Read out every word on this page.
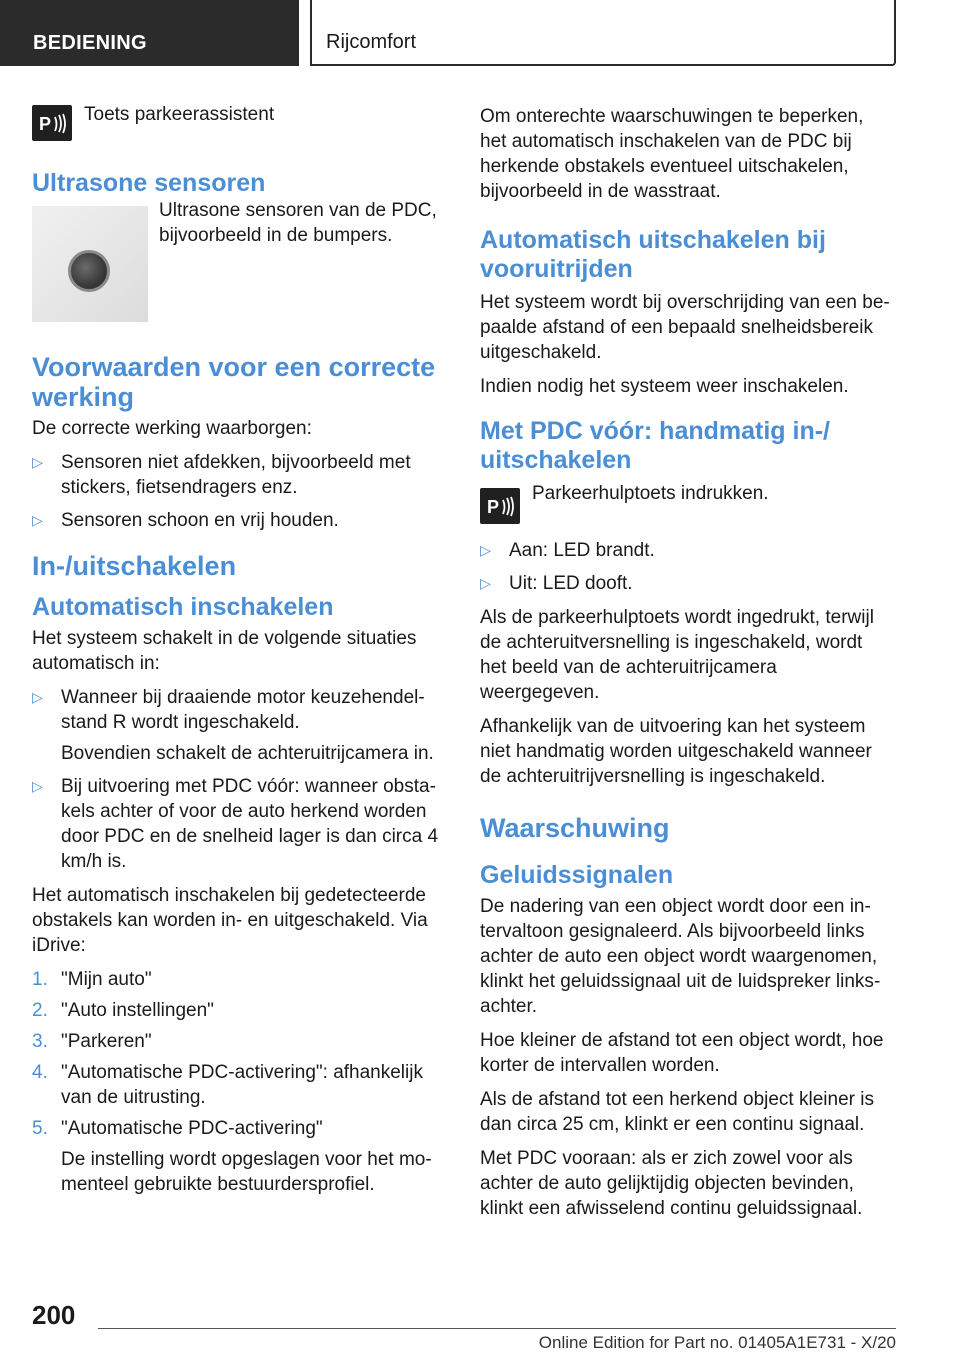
BEDIENING	Rijcomfort
P Toets parkeerassistent
Ultrasone sensoren
Ultrasone sensoren van de PDC, bijvoorbeeld in de bumpers.
Voorwaarden voor een correcte werking

De correcte werking waarborgen:

▷ Sensoren niet afdekken, bijvoorbeeld met stickers, fietsendragers enz.
▷ Sensoren schoon en vrij houden.
In-/uitschakelen
Automatisch inschakelen

Het systeem schakelt in de volgende situaties automatisch in:

▷ Wanneer bij draaiende motor keuzehendelstand R wordt ingeschakeld.
Bovendien schakelt de achteruitrijcamera in.
▷ Bij uitvoering met PDC vóór: wanneer obstakels achter of voor de auto herkend worden door PDC en de snelheid lager is dan circa 4 km/h is.

Het automatisch inschakelen bij gedetecteerde obstakels kan worden in- en uitgeschakeld. Via iDrive:

1. "Mijn auto"
2. "Auto instellingen"
3. "Parkeren"
4. "Automatische PDC-activering": afhankelijk van de uitrusting.
5. "Automatische PDC-activering"
De instelling wordt opgeslagen voor het momenteel gebruikte bestuurdersprofiel.

Om onterechte waarschuwingen te beperken, het automatisch inschakelen van de PDC bij herkende obstakels eventueel uitschakelen, bijvoorbeeld in de wasstraat.

Automatisch uitschakelen bij vooruitrijden

Het systeem wordt bij overschrijding van een bepaalde afstand of een bepaald snelheidsbereik uitgeschakeld.

Indien nodig het systeem weer inschakelen.

Met PDC vóór: handmatig in-/ uitschakelen
P
Parkeerhulptoets indrukken.
▷ Aan: LED brandt.
▷ Uit: LED dooft.

Als de parkeerhulptoets wordt ingedrukt, terwijl de achteruitversnelling is ingeschakeld, wordt het beeld van de achteruitrijcamera weergegeven.

Afhankelijk van de uitvoering kan het systeem niet handmatig worden uitgeschakeld wanneer de achteruitrijversnelling is ingeschakeld.

Waarschuwing
Geluidssignalen

De nadering van een object wordt door een intervaltoon gesignaleerd. Als bijvoorbeeld links achter de auto een object wordt waargenomen, klinkt het geluidssignaal uit de luidspreker linksachter.

Hoe kleiner de afstand tot een object wordt, hoe korter de intervallen worden.

Als de afstand tot een herkend object kleiner is dan circa 25 cm, klinkt er een continu signaal.

Met PDC vooraan: als er zich zowel voor als achter de auto gelijktijdig objecten bevinden, klinkt een afwisselend continu geluidssignaal.

200
Online Edition for Part no. 01405A1E731 - X/20
